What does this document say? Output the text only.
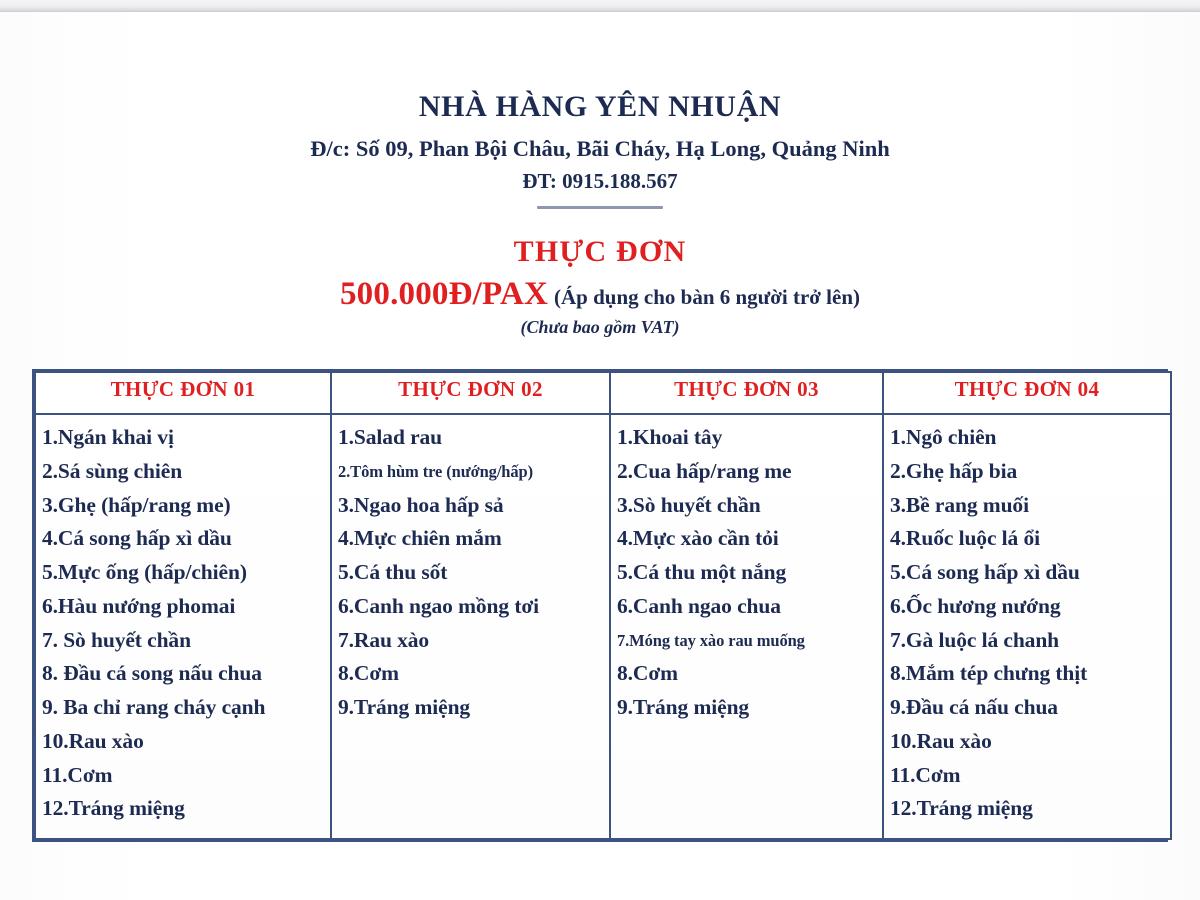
NHÀ HÀNG YÊN NHUẬN
Đ/c: Số 09, Phan Bội Châu, Bãi Cháy, Hạ Long, Quảng Ninh
ĐT: 0915.188.567
THỰC ĐƠN
500.000Đ/PAX (Áp dụng cho bàn 6 người trở lên)
(Chưa bao gồm VAT)
THỰC ĐƠN 01	THỰC ĐƠN 02	THỰC ĐƠN 03	THỰC ĐƠN 04

1.Ngán khai vị
2.Sá sùng chiên
3.Ghẹ (hấp/rang me)
4.Cá song hấp xì dầu
5.Mực ống (hấp/chiên)
6.Hàu nướng phomai
7. Sò huyết chần
8. Đầu cá song nấu chua
9. Ba chỉ rang cháy cạnh
10.Rau xào
11.Cơm
12.Tráng miệng

1.Salad rau
2.Tôm hùm tre (nướng/hấp)
3.Ngao hoa hấp sả
4.Mực chiên mắm
5.Cá thu sốt
6.Canh ngao mồng tơi
7.Rau xào
8.Cơm
9.Tráng miệng

1.Khoai tây
2.Cua hấp/rang me
3.Sò huyết chần
4.Mực xào cần tỏi
5.Cá thu một nắng
6.Canh ngao chua
7.Móng tay xào rau muống
8.Cơm
9.Tráng miệng

1.Ngô chiên
2.Ghẹ hấp bia
3.Bề rang muối
4.Ruốc luộc lá ổi
5.Cá song hấp xì dầu
6.Ốc hương nướng
7.Gà luộc lá chanh
8.Mắm tép chưng thịt
9.Đầu cá nấu chua
10.Rau xào
11.Cơm
12.Tráng miệng
